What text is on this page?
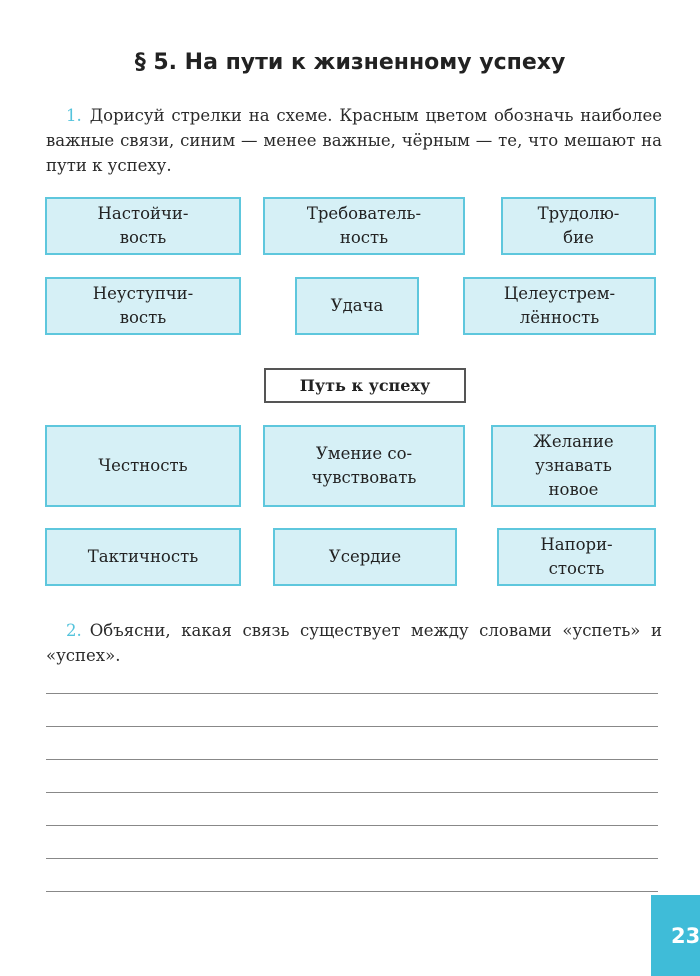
§ 5. На пути к жизненному успеху
1. Дорисуй стрелки на схеме. Красным цветом обозначь наиболее важные связи, синим — менее важные, чёрным — те, что мешают на пути к успеху.
Настойчи-
вость
Требователь-
ность
Трудолю-
бие
Неуступчи-
вость
Удача
Целеустрем-
лённость
Путь к успеху
Честность
Умение со-
чувствовать
Желание
узнавать
новое
Тактичность	Усердие
Напори-
стость
2. Объясни, какая связь существует между словами «успеть» и «успех».
23
